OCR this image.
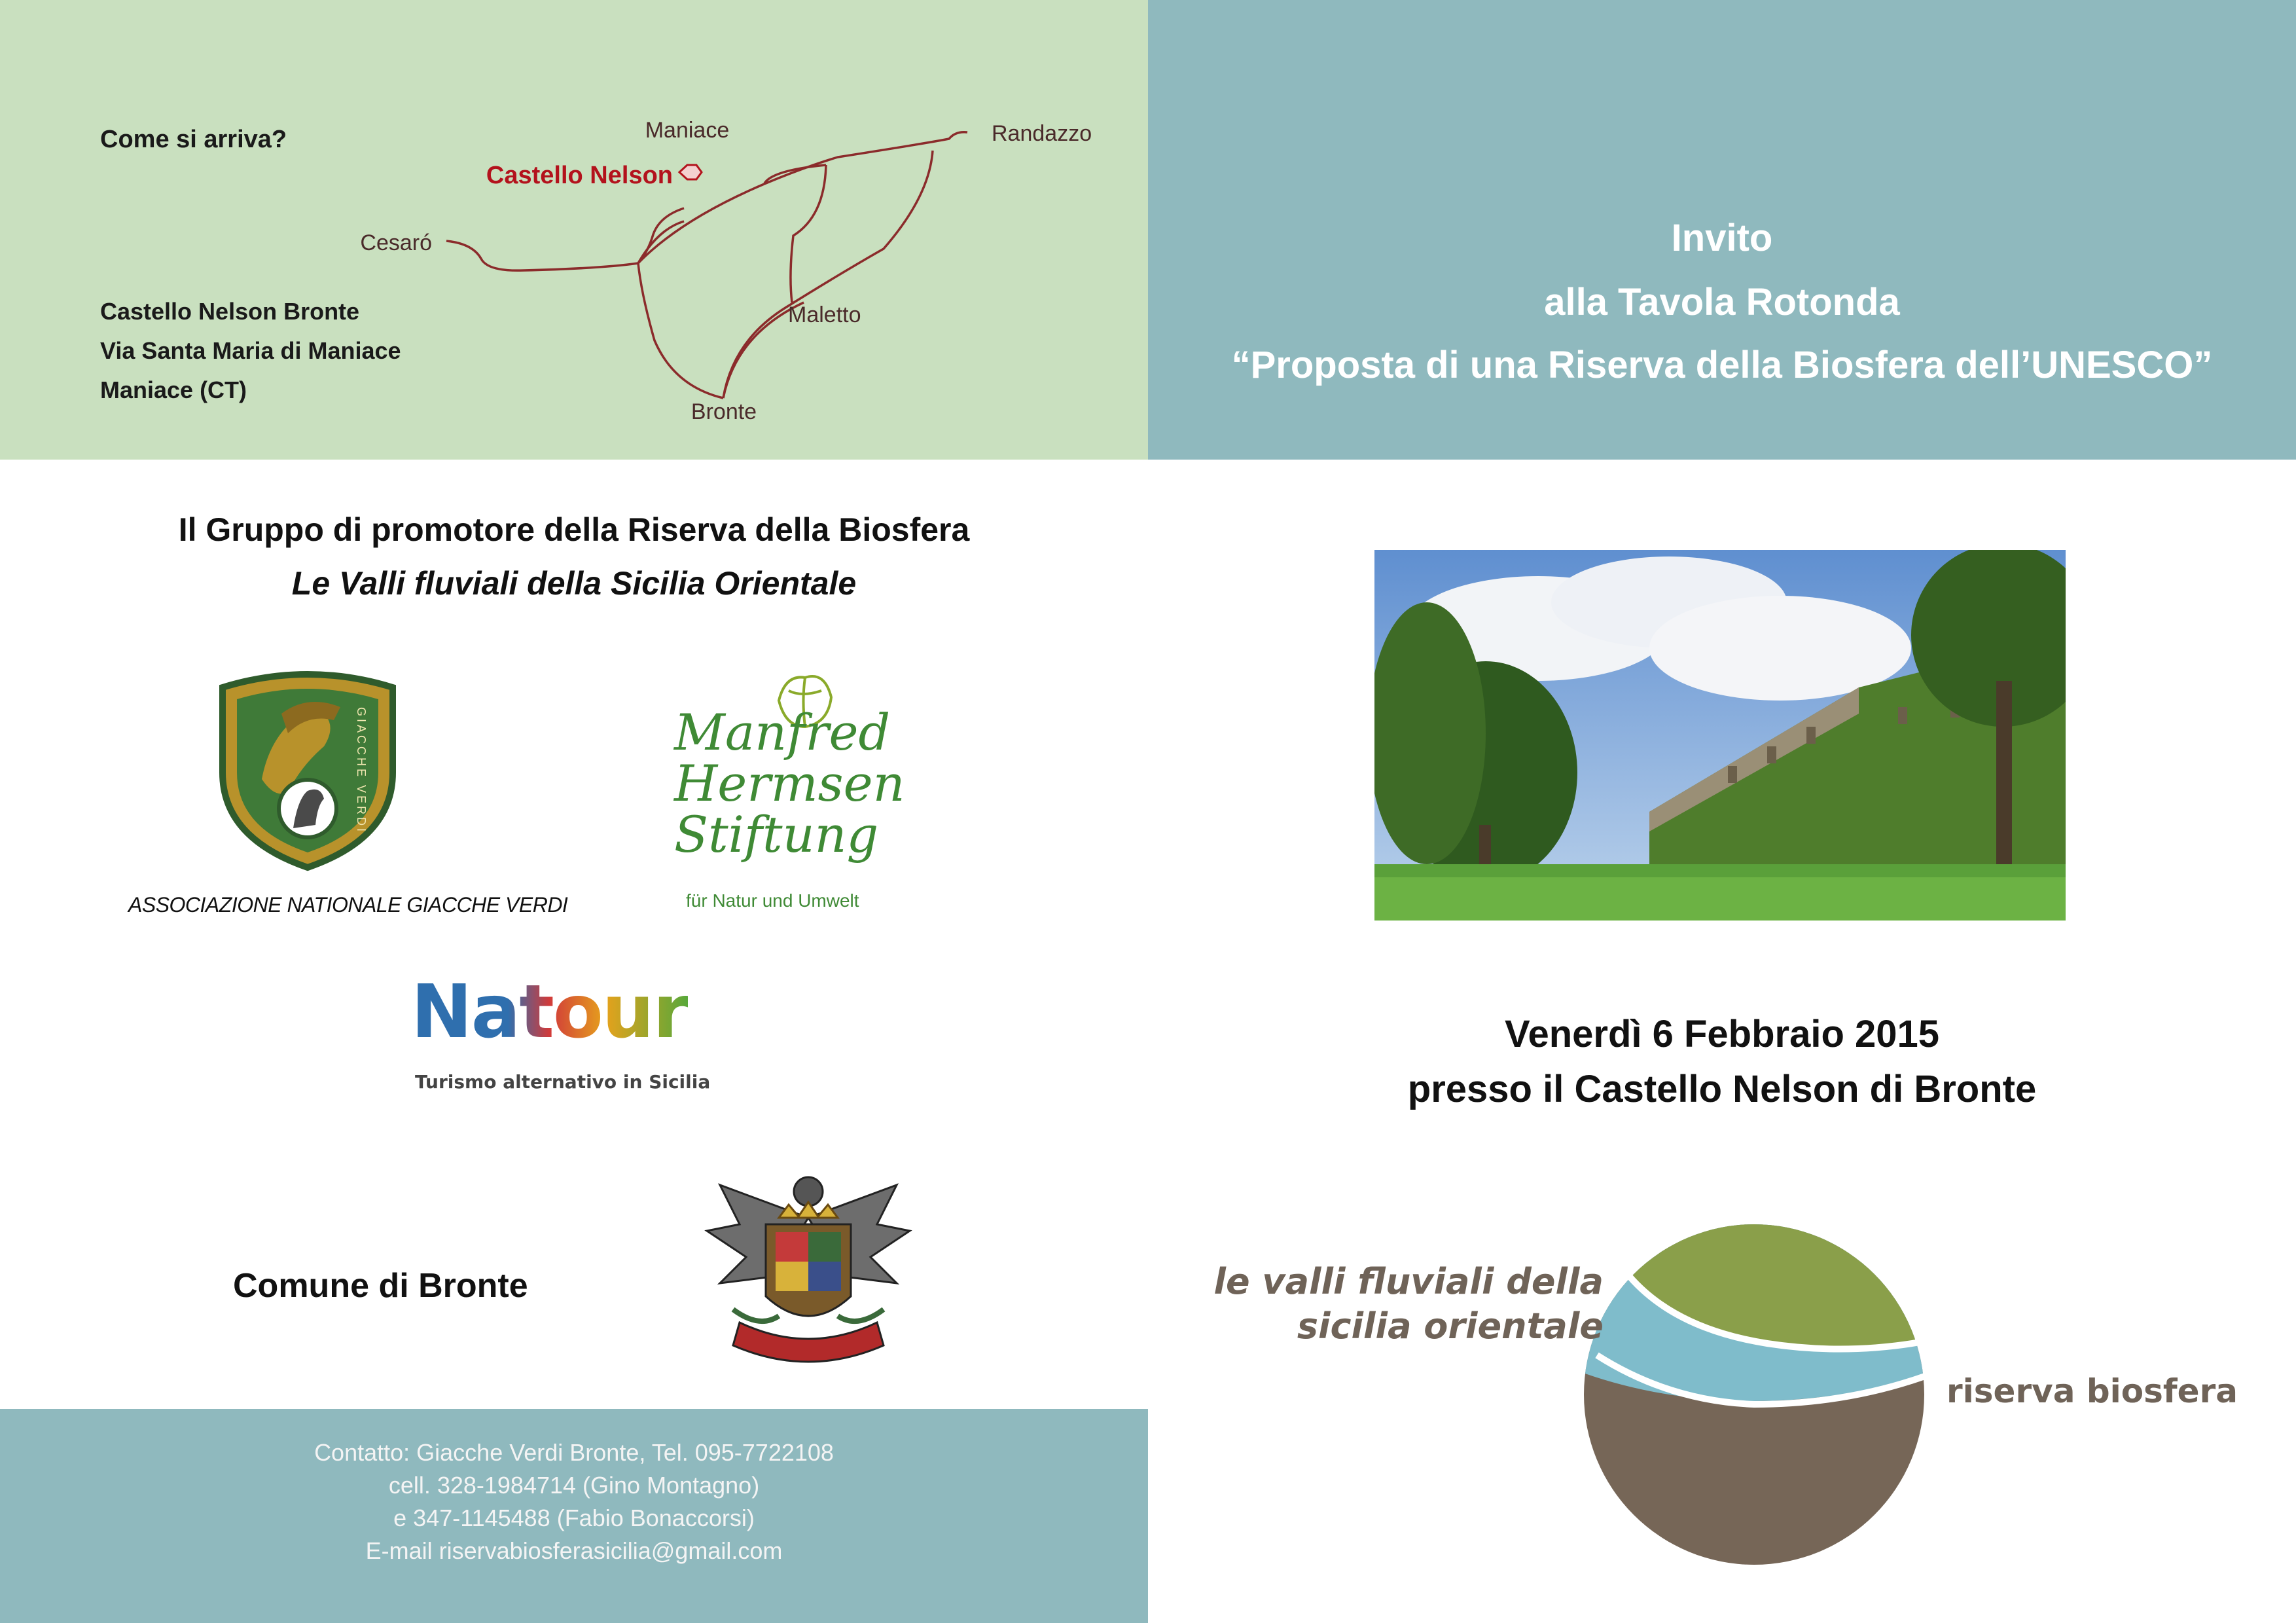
Maniace
Castello Nelson
Randazzo
Cesaró
Maletto
Bronte
Come si arriva?
Castello Nelson Bronte
Via Santa Maria di Maniace
Maniace (CT)
Invito
alla Tavola Rotonda
“Proposta di una Riserva della Biosfera dell’UNESCO”
Il Gruppo di promotore della Riserva della Biosfera
Le Valli fluviali della Sicilia Orientale
GIACCHE VERDI
ASSOCIAZIONE NATIONALE GIACCHE VERDI
Manfred
Hermsen
Stiftung
für Natur und Umwelt
Natour
Turismo alternativo in Sicilia
Comune di Bronte
Contatto: Giacche Verdi Bronte, Tel. 095-7722108
cell. 328-1984714 (Gino Montagno)
e 347-1145488 (Fabio Bonaccorsi)
E-mail riservabiosferasicilia@gmail.com
Venerdì 6 Febbraio 2015
presso il Castello Nelson di Bronte
le valli fluviali della
sicilia orientale
riserva biosfera
